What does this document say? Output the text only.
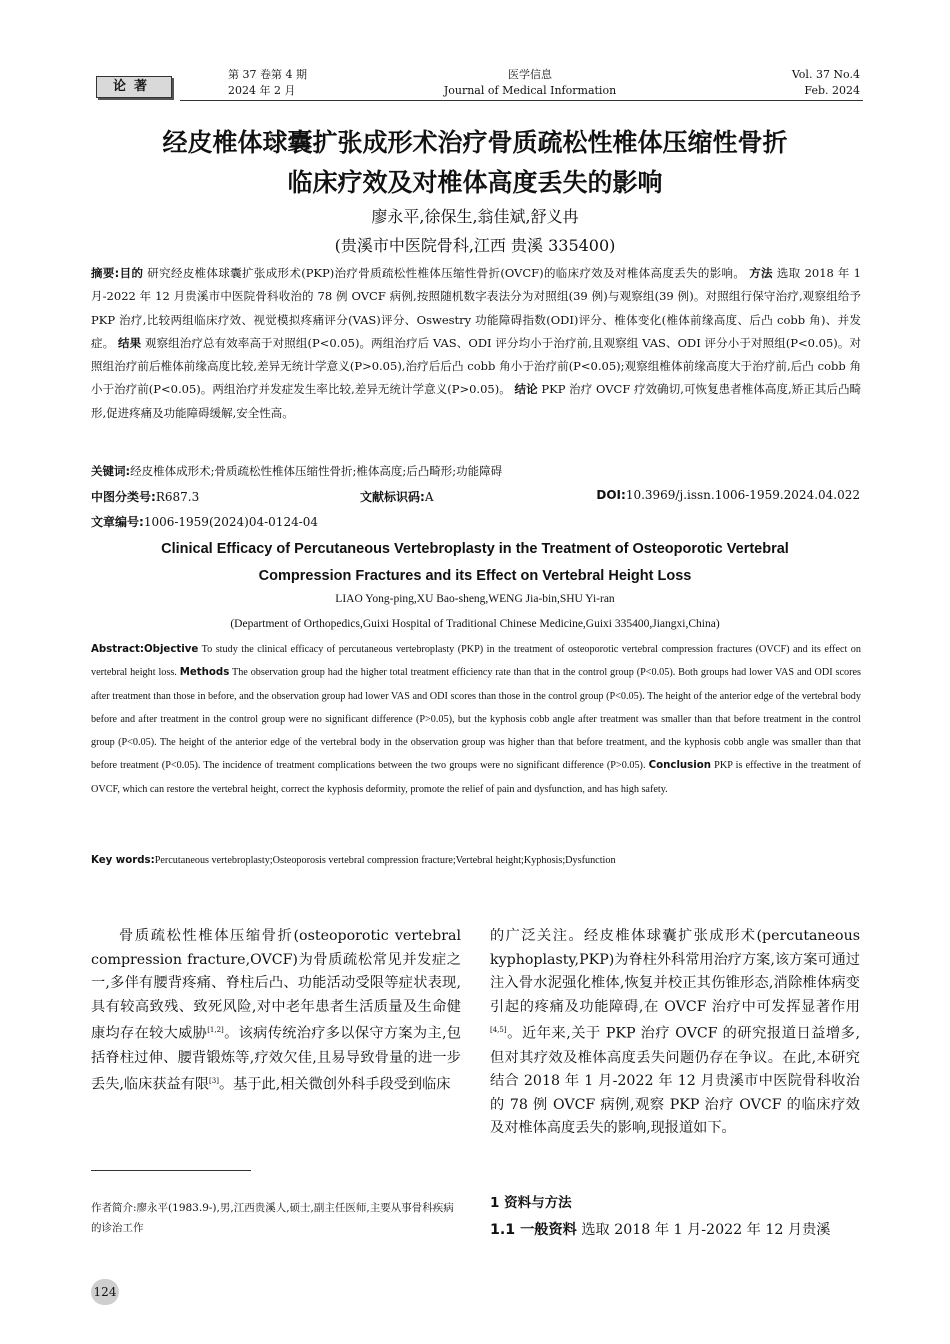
论著
第 37 卷第 4 期
2024 年 2 月
医学信息
Journal of Medical Information
Vol. 37 No.4
Feb. 2024
经皮椎体球囊扩张成形术治疗骨质疏松性椎体压缩性骨折
临床疗效及对椎体高度丢失的影响
廖永平,徐保生,翁佳斌,舒义冉
(贵溪市中医院骨科,江西 贵溪 335400)
摘要:目的 研究经皮椎体球囊扩张成形术(PKP)治疗骨质疏松性椎体压缩性骨折(OVCF)的临床疗效及对椎体高度丢失的影响。 方法 选取 2018 年 1 月-2022 年 12 月贵溪市中医院骨科收治的 78 例 OVCF 病例,按照随机数字表法分为对照组(39 例)与观察组(39 例)。对照组行保守治疗,观察组给予 PKP 治疗,比较两组临床疗效、视觉模拟疼痛评分(VAS)评分、Oswestry 功能障碍指数(ODI)评分、椎体变化(椎体前缘高度、后凸 cobb 角)、并发症。 结果 观察组治疗总有效率高于对照组(P<0.05)。两组治疗后 VAS、ODI 评分均小于治疗前,且观察组 VAS、ODI 评分小于对照组(P<0.05)。对照组治疗前后椎体前缘高度比较,差异无统计学意义(P>0.05),治疗后后凸 cobb 角小于治疗前(P<0.05);观察组椎体前缘高度大于治疗前,后凸 cobb 角小于治疗前(P<0.05)。两组治疗并发症发生率比较,差异无统计学意义(P>0.05)。 结论 PKP 治疗 OVCF 疗效确切,可恢复患者椎体高度,矫正其后凸畸形,促进疼痛及功能障碍缓解,安全性高。
关键词:经皮椎体成形术;骨质疏松性椎体压缩性骨折;椎体高度;后凸畸形;功能障碍
中图分类号:R687.3	文献标识码:A	DOI:10.3969/j.issn.1006-1959.2024.04.022
文章编号:1006-1959(2024)04-0124-04
Clinical Efficacy of Percutaneous Vertebroplasty in the Treatment of Osteoporotic Vertebral
Compression Fractures and its Effect on Vertebral Height Loss
LIAO Yong-ping,XU Bao-sheng,WENG Jia-bin,SHU Yi-ran
(Department of Orthopedics,Guixi Hospital of Traditional Chinese Medicine,Guixi 335400,Jiangxi,China)
Abstract:Objective To study the clinical efficacy of percutaneous vertebroplasty (PKP) in the treatment of osteoporotic vertebral compression fractures (OVCF) and its effect on vertebral height loss. Methods The observation group had the higher total treatment efficiency rate than that in the control group (P<0.05). Both groups had lower VAS and ODI scores after treatment than those in before, and the observation group had lower VAS and ODI scores than those in the control group (P<0.05). The height of the anterior edge of the vertebral body before and after treatment in the control group were no significant difference (P>0.05), but the kyphosis cobb angle after treatment was smaller than that before treatment in the control group (P<0.05). The height of the anterior edge of the vertebral body in the observation group was higher than that before treatment, and the kyphosis cobb angle was smaller than that before treatment (P<0.05). The incidence of treatment complications between the two groups were no significant difference (P>0.05). Conclusion PKP is effective in the treatment of OVCF, which can restore the vertebral height, correct the kyphosis deformity, promote the relief of pain and dysfunction, and has high safety.
Key words:Percutaneous vertebroplasty;Osteoporosis vertebral compression fracture;Vertebral height;Kyphosis;Dysfunction
骨质疏松性椎体压缩骨折(osteoporotic vertebral compression fracture,OVCF)为骨质疏松常见并发症之一,多伴有腰背疼痛、脊柱后凸、功能活动受限等症状表现,具有较高致残、致死风险,对中老年患者生活质量及生命健康均存在较大威胁[1,2]。该病传统治疗多以保守方案为主,包括脊柱过伸、腰背锻炼等,疗效欠佳,且易导致骨量的进一步丢失,临床获益有限[3]。基于此,相关微创外科手段受到临床
作者简介:廖永平(1983.9-),男,江西贵溪人,硕士,副主任医师,主要从事骨科疾病的诊治工作
的广泛关注。经皮椎体球囊扩张成形术(percutaneous kyphoplasty,PKP)为脊柱外科常用治疗方案,该方案可通过注入骨水泥强化椎体,恢复并校正其伤锥形态,消除椎体病变引起的疼痛及功能障碍,在 OVCF 治疗中可发挥显著作用[4,5]。近年来,关于 PKP 治疗 OVCF 的研究报道日益增多,但对其疗效及椎体高度丢失问题仍存在争议。在此,本研究结合 2018 年 1 月-2022 年 12 月贵溪市中医院骨科收治的 78 例 OVCF 病例,观察 PKP 治疗 OVCF 的临床疗效及对椎体高度丢失的影响,现报道如下。
1 资料与方法
1.1 一般资料 选取 2018 年 1 月-2022 年 12 月贵溪
124
